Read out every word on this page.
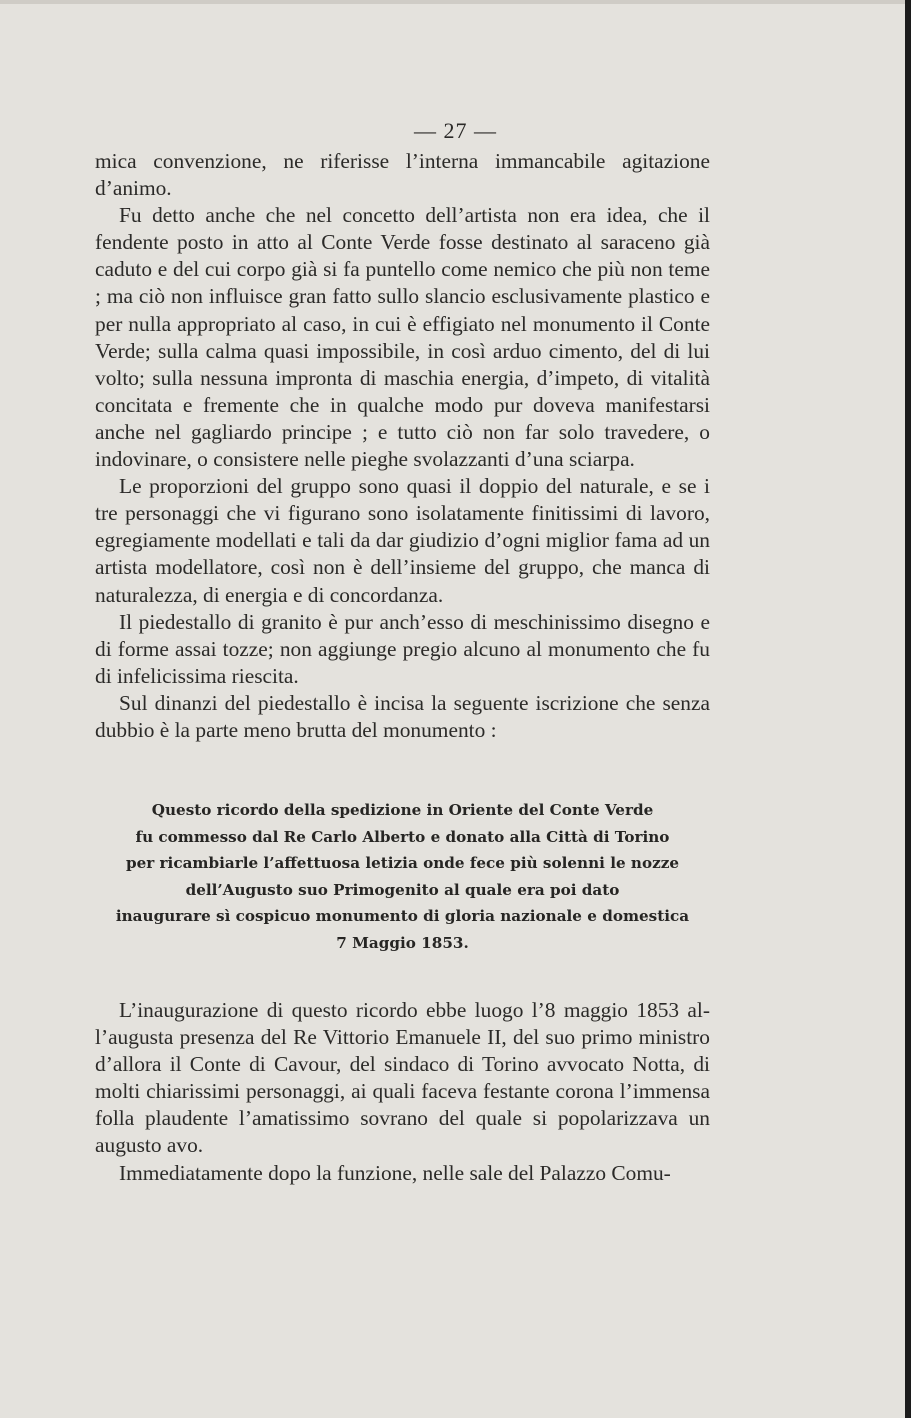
— 27 —

mica convenzione, ne riferisse l’interna immancabile agitazione d’animo.

Fu detto anche che nel concetto dell’artista non era idea, che il fendente posto in atto al Conte Verde fosse destinato al saraceno già caduto e del cui corpo già si fa puntello come nemico che più non teme ; ma ciò non influisce gran fatto sullo slancio esclusivamente plastico e per nulla appropriato al caso, in cui è effigiato nel monumento il Conte Verde; sulla calma quasi impossibile, in così arduo cimento, del di lui volto; sulla nessuna impronta di maschia energia, d’impeto, di vitalità concitata e fremente che in qualche modo pur doveva manifestarsi anche nel gagliardo principe ; e tutto ciò non far solo travedere, o indovinare, o consistere nelle pieghe svolazzanti d’una sciarpa.

Le proporzioni del gruppo sono quasi il doppio del naturale, e se i tre personaggi che vi figurano sono isolatamente finitissimi di lavoro, egregiamente modellati e tali da dar giudizio d’ogni miglior fama ad un artista modellatore, così non è dell’insieme del gruppo, che manca di naturalezza, di energia e di concordanza.

Il piedestallo di granito è pur anch’esso di meschinissimo disegno e di forme assai tozze; non aggiunge pregio alcuno al monumento che fu di infelicissima riescita.

Sul dinanzi del piedestallo è incisa la seguente iscrizione che senza dubbio è la parte meno brutta del monumento :

Questo ricordo della spedizione in Oriente del Conte Verde
fu commesso dal Re Carlo Alberto e donato alla Città di Torino
per ricambiarle l’affettuosa letizia onde fece più solenni le nozze
dell’Augusto suo Primogenito al quale era poi dato
inaugurare sì cospicuo monumento di gloria nazionale e domestica
7 Maggio 1853.

L’inaugurazione di questo ricordo ebbe luogo l’8 maggio 1853 all’augusta presenza del Re Vittorio Emanuele II, del suo primo ministro d’allora il Conte di Cavour, del sindaco di Torino avvocato Notta, di molti chiarissimi personaggi, ai quali faceva festante corona l’immensa folla plaudente l’amatissimo sovrano del quale si popolarizzava un augusto avo.

Immediatamente dopo la funzione, nelle sale del Palazzo Comu-
